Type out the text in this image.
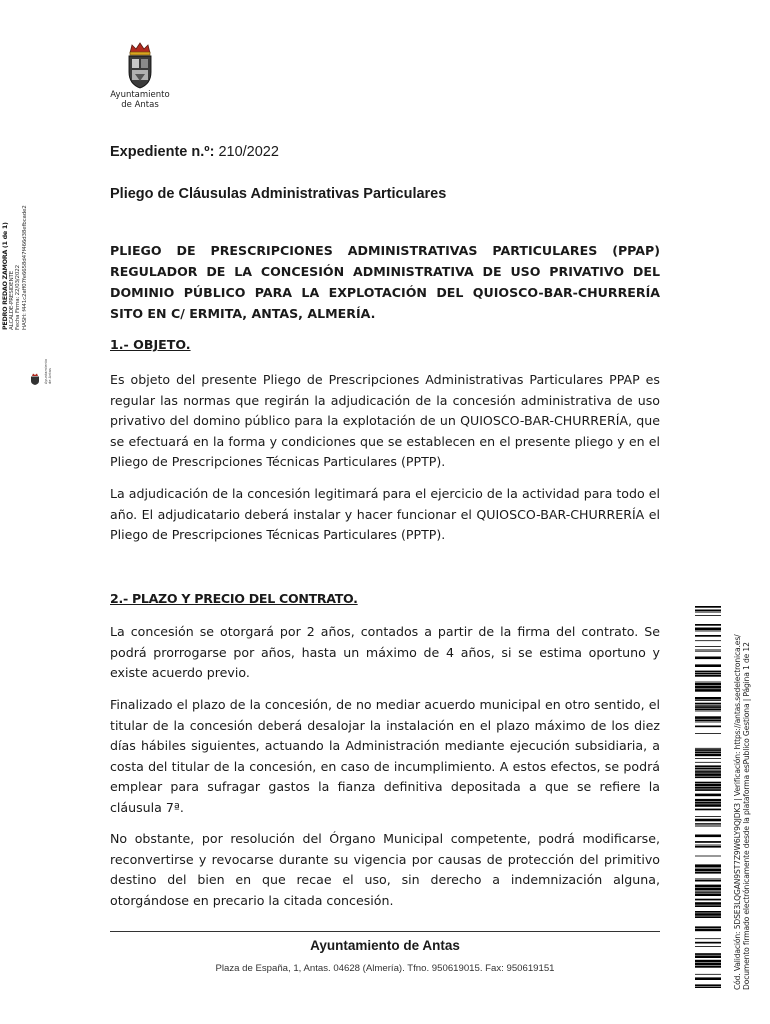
Ayuntamiento
de Antas
PEDRO REDAO ZAMORA (1 de 1) ALCALDE-PRESIDENTE Fecha Firma: 22/03/2022 HASH: f441c2aff07fe6658d47f466d38efbcade2
Ayuntamiento de Antas
Cód. Validación: 5DSE3LQGAN9ST7Z9W6LY9QJDK3 | Verificación: https://antas.sedelectronica.es/ Documento firmado electrónicamente desde la plataforma esPublico Gestiona | Página 1 de 12
Expediente n.º: 210/2022
Pliego de Cláusulas Administrativas Particulares
PLIEGO DE PRESCRIPCIONES ADMINISTRATIVAS PARTICULARES (PPAP) REGULADOR DE LA CONCESIÓN ADMINISTRATIVA DE USO PRIVATIVO DEL DOMINIO PÚBLICO PARA LA EXPLOTACIÓN DEL QUIOSCO-BAR-CHURRERÍA SITO EN C/ ERMITA, ANTAS, ALMERÍA.
1.- OBJETO.
Es objeto del presente Pliego de Prescripciones Administrativas Particulares PPAP es regular las normas que regirán la adjudicación de la concesión administrativa de uso privativo del domino público para la explotación de un QUIOSCO-BAR-CHURRERÍA, que se efectuará en la forma y condiciones que se establecen en el presente pliego y en el Pliego de Prescripciones Técnicas Particulares (PPTP).
La adjudicación de la concesión legitimará para el ejercicio de la actividad para todo el año. El adjudicatario deberá instalar y hacer funcionar el QUIOSCO-BAR-CHURRERÍA el Pliego de Prescripciones Técnicas Particulares (PPTP).
2.- PLAZO Y PRECIO DEL CONTRATO.
La concesión se otorgará por 2 años, contados a partir de la firma del contrato. Se podrá prorrogarse por años, hasta un máximo de 4 años, si se estima oportuno y existe acuerdo previo.
Finalizado el plazo de la concesión, de no mediar acuerdo municipal en otro sentido, el titular de la concesión deberá desalojar la instalación en el plazo máximo de los diez días hábiles siguientes, actuando la Administración mediante ejecución subsidiaria, a costa del titular de la concesión, en caso de incumplimiento. A estos efectos, se podrá emplear para sufragar gastos la fianza definitiva depositada a que se refiere la cláusula 7ª.
No obstante, por resolución del Órgano Municipal competente, podrá modificarse, reconvertirse y revocarse durante su vigencia por causas de protección del primitivo destino del bien en que recae el uso, sin derecho a indemnización alguna, otorgándose en precario la citada concesión.
Ayuntamiento de Antas
Plaza de España, 1, Antas. 04628 (Almería). Tfno. 950619015. Fax: 950619151
